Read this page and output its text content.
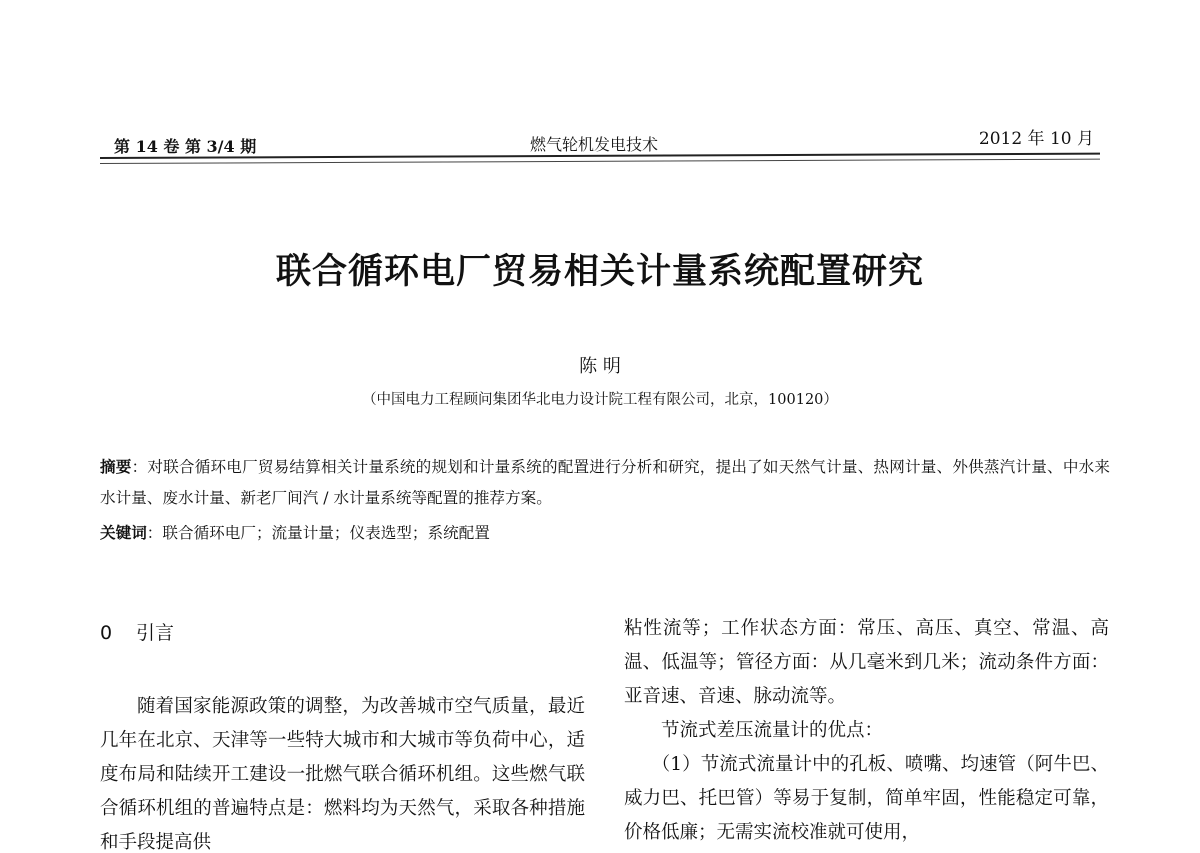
第 14 卷 第 3/4 期	燃气轮机发电技术	2012 年 10 月
联合循环电厂贸易相关计量系统配置研究
陈 明
（中国电力工程顾问集团华北电力设计院工程有限公司，北京，100120）
摘要：对联合循环电厂贸易结算相关计量系统的规划和计量系统的配置进行分析和研究，提出了如天然气计量、热网计量、外供蒸汽计量、中水来水计量、废水计量、新老厂间汽 / 水计量系统等配置的推荐方案。
关键词：联合循环电厂；流量计量；仪表选型；系统配置
0 引言

随着国家能源政策的调整，为改善城市空气质量，最近几年在北京、天津等一些特大城市和大城市等负荷中心，适度布局和陆续开工建设一批燃气联合循环机组。这些燃气联合循环机组的普遍特点是：燃料均为天然气，采取各种措施和手段提高供

粘性流等；工作状态方面：常压、高压、真空、常温、高温、低温等；管径方面：从几毫米到几米；流动条件方面：亚音速、音速、脉动流等。

节流式差压流量计的优点：

（1）节流式流量计中的孔板、喷嘴、均速管（阿牛巴、威力巴、托巴管）等易于复制，简单牢固，性能稳定可靠，价格低廉；无需实流校准就可使用，
